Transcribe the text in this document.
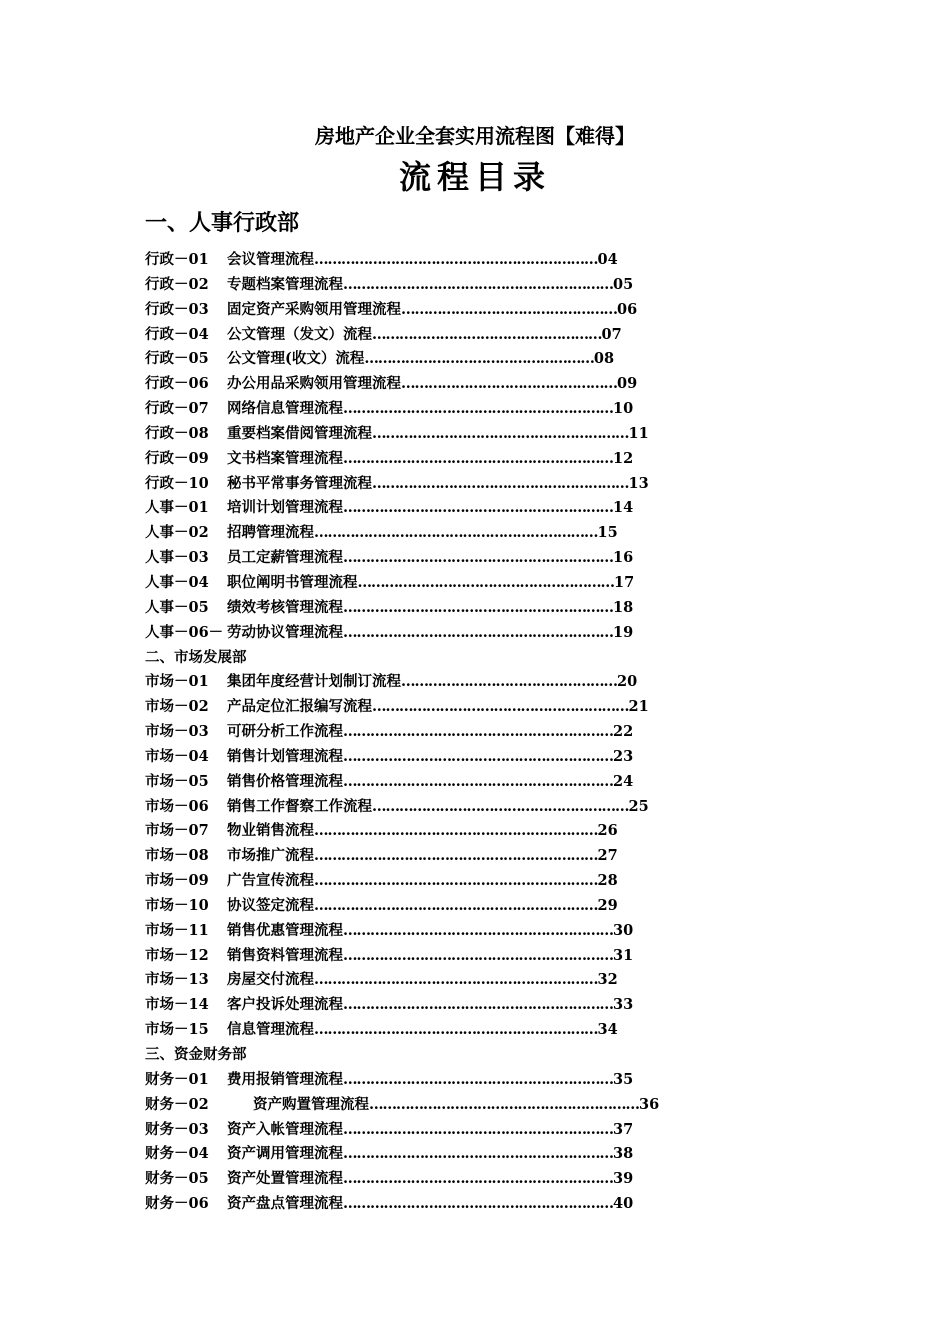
房地产企业全套实用流程图【难得】
流程目录
一、人事行政部
行政－01 会议管理流程………………………………………………………04
行政－02 专题档案管理流程……………………………………………………05
行政－03 固定资产采购领用管理流程…………………………………………06
行政－04 公文管理（发文）流程……………………………………………07
行政－05 公文管理(收文）流程……………………………………………08
行政－06 办公用品采购领用管理流程…………………………………………09
行政－07 网络信息管理流程……………………………………………………10
行政－08 重要档案借阅管理流程…………………………………………………11
行政－09 文书档案管理流程……………………………………………………12
行政－10 秘书平常事务管理流程…………………………………………………13
人事－01 培训计划管理流程……………………………………………………14
人事－02 招聘管理流程………………………………………………………15
人事－03 员工定薪管理流程……………………………………………………16
人事－04 职位阐明书管理流程…………………………………………………17
人事－05 绩效考核管理流程……………………………………………………18
人事－06－ 劳动协议管理流程……………………………………………………19
二、市场发展部
市场－01 集团年度经营计划制订流程…………………………………………20
市场－02 产品定位汇报编写流程…………………………………………………21
市场－03 可研分析工作流程……………………………………………………22
市场－04 销售计划管理流程……………………………………………………23
市场－05 销售价格管理流程……………………………………………………24
市场－06 销售工作督察工作流程…………………………………………………25
市场－07 物业销售流程………………………………………………………26
市场－08 市场推广流程………………………………………………………27
市场－09 广告宣传流程………………………………………………………28
市场－10 协议签定流程………………………………………………………29
市场－11 销售优惠管理流程……………………………………………………30
市场－12 销售资料管理流程……………………………………………………31
市场－13 房屋交付流程………………………………………………………32
市场－14 客户投诉处理流程……………………………………………………33
市场－15 信息管理流程………………………………………………………34
三、资金财务部
财务－01 费用报销管理流程……………………………………………………35
财务－02	资产购置管理流程……………………………………………………36
财务－03 资产入帐管理流程……………………………………………………37
财务－04 资产调用管理流程……………………………………………………38
财务－05 资产处置管理流程……………………………………………………39
财务－06 资产盘点管理流程……………………………………………………40
